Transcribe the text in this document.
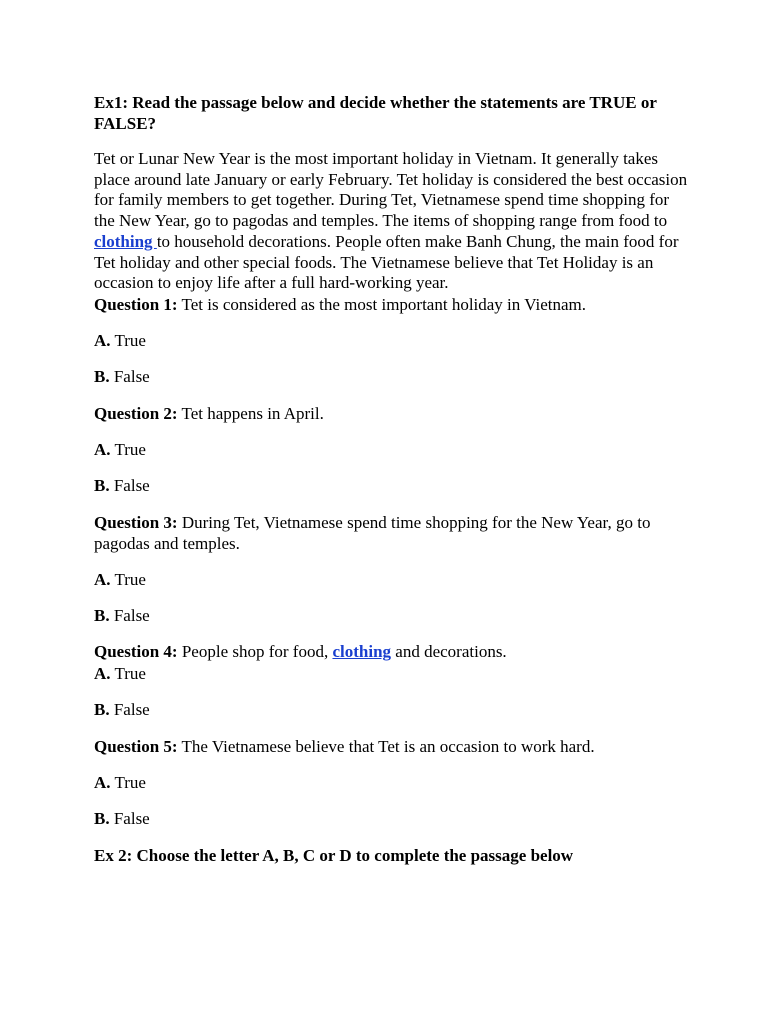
Ex1: Read the passage below and decide whether the statements are TRUE or FALSE?

Tet or Lunar New Year is the most important holiday in Vietnam. It generally takes place around late January or early February. Tet holiday is considered the best occasion for family members to get together. During Tet, Vietnamese spend time shopping for the New Year, go to pagodas and temples. The items of shopping range from food to clothing to household decorations. People often make Banh Chung, the main food for Tet holiday and other special foods. The Vietnamese believe that Tet Holiday is an occasion to enjoy life after a full hard-working year.

Question 1: Tet is considered as the most important holiday in Vietnam.

A. True

B. False

Question 2: Tet happens in April.

A. True

B. False

Question 3: During Tet, Vietnamese spend time shopping for the New Year, go to pagodas and temples.

A. True

B. False

Question 4: People shop for food, clothing and decorations.

A. True

B. False

Question 5: The Vietnamese believe that Tet is an occasion to work hard.

A. True

B. False

Ex 2: Choose the letter A, B, C or D to complete the passage below
